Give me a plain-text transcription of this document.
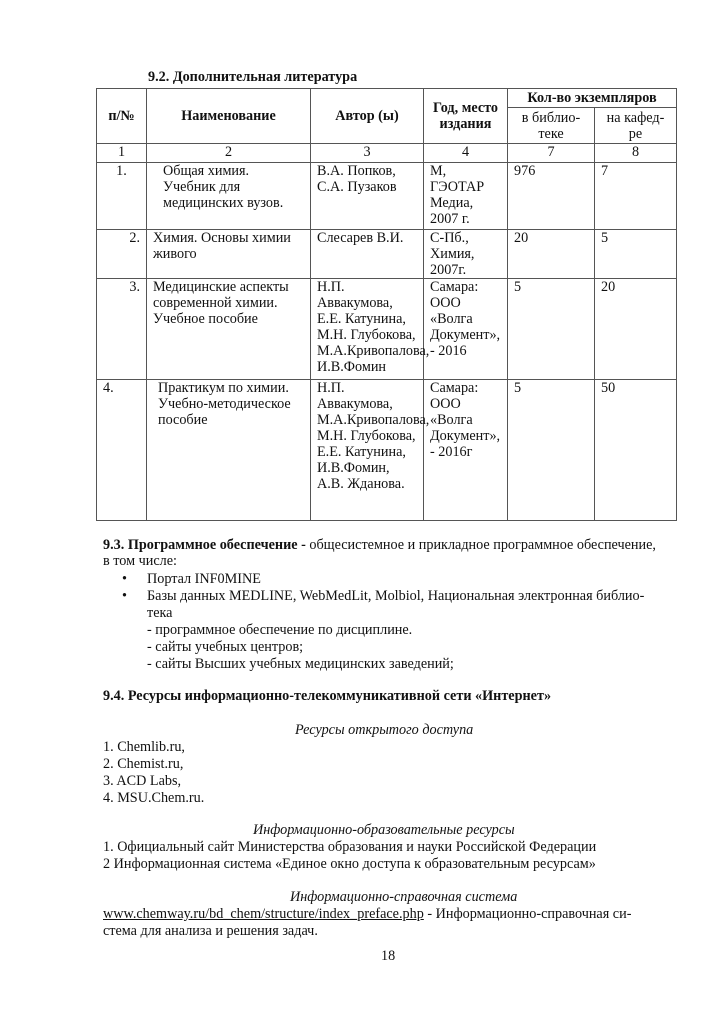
9.2. Дополнительная литература
п/№	Наименование	Автор (ы)	Год, место издания	Кол-во экземпляров	
				в библио-теке	на кафед-ре
1	2	3	4	7	8
1.	Общая химия. Учебник для медицинских вузов.	В.А. Попков, С.А. Пузаков	М, ГЭОТАР Медиа, 2007 г.	976	7
2.	Химия. Основы химии живого	Слесарев В.И.	С-Пб., Химия, 2007г.	20	5
3.	Медицинские аспекты современной химии. Учебное пособие	Н.П. Аввакумова, Е.Е. Катунина, М.Н. Глубокова, М.А.Кривопалова, И.В.Фомин	Самара: ООО «Волга Документ», - 2016	5	20
4.	Практикум по химии. Учебно-методическое пособие	Н.П. Аввакумова, М.А.Кривопалова, М.Н. Глубокова, Е.Е. Катунина, И.В.Фомин, А.В. Жданова.	Самара: ООО «Волга Документ», - 2016г	5	50
9.3. Программное обеспечение - общесистемное и прикладное программное обеспечение,
в том числе:
• Портал INF0MINE
• Базы данных MEDLINE, WebMedLit, Molbiol, Национальная электронная библио-
тека
- программное обеспечение по дисциплине.
- сайты учебных центров;
- сайты Высших учебных медицинских заведений;
9.4. Ресурсы информационно-телекоммуникативной сети «Интернет»
Ресурсы открытого доступа
1. Chemlib.ru,
2. Chemist.ru,
3. ACD Labs,
4. MSU.Chem.ru.
Информационно-образовательные ресурсы
1. Официальный сайт Министерства образования и науки Российской Федерации
2 Информационная система «Единое окно доступа к образовательным ресурсам»
Информационно-справочная система
www.chemway.ru/bd_chem/structure/index_preface.php - Информационно-справочная си-
стема для анализа и решения задач.
18
